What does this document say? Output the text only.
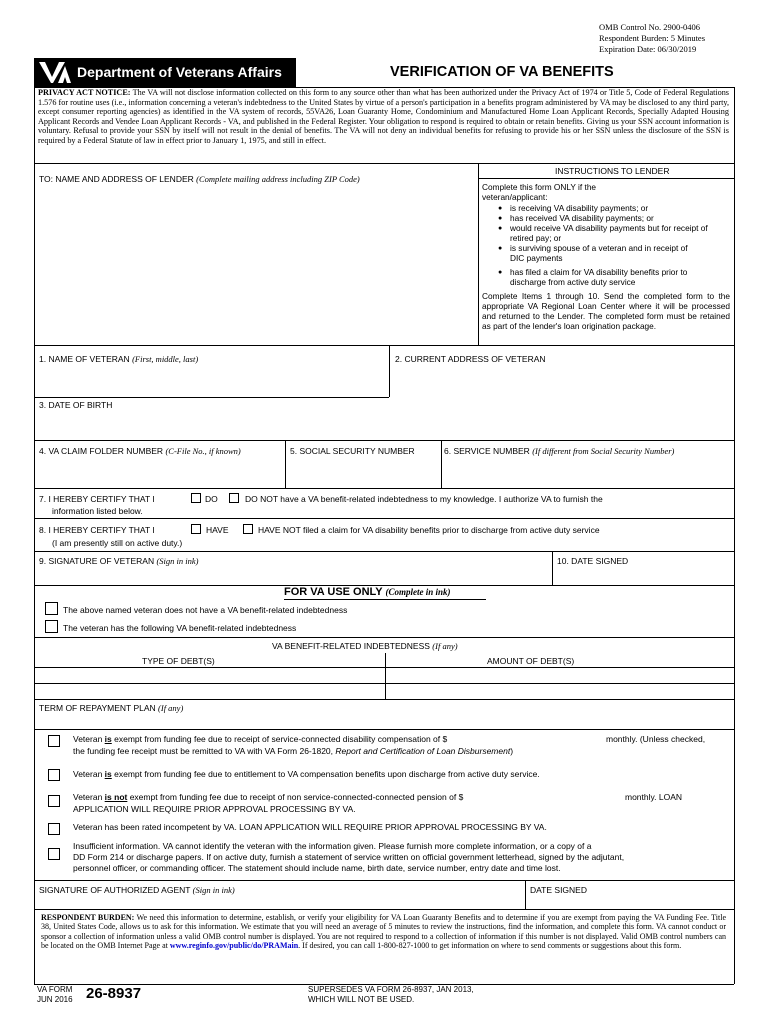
OMB Control No. 2900-0406
Respondent Burden: 5 Minutes
Expiration Date: 06/30/2019
Department of Veterans Affairs	VERIFICATION OF VA BENEFITS
PRIVACY ACT NOTICE: The VA will not disclose information collected on this form to any source other than what has been authorized under the Privacy Act of 1974 or Title 5, Code of Federal Regulations 1.576 for routine uses (i.e., information concerning a veteran's indebtedness to the United States by virtue of a person's participation in a benefits program administered by VA may be disclosed to any third party, except consumer reporting agencies) as identified in the VA system of records, 55VA26, Loan Guaranty Home, Condominium and Manufactured Home Loan Applicant Records, Specially Adapted Housing Applicant Records and Vendee Loan Applicant Records - VA, and published in the Federal Register. Your obligation to respond is required to obtain or retain benefits. Giving us your SSN account information is voluntary. Refusal to provide your SSN by itself will not result in the denial of benefits. The VA will not deny an individual benefits for refusing to provide his or her SSN unless the disclosure of the SSN is required by a Federal Statute of law in effect prior to January 1, 1975, and still in effect.
TO: NAME AND ADDRESS OF LENDER (Complete mailing address including ZIP Code)
INSTRUCTIONS TO LENDER
Complete this form ONLY if the veteran/applicant:
● is receiving VA disability payments; or
● has received VA disability payments; or
● would receive VA disability payments but for receipt of retired pay; or
● is surviving spouse of a veteran and in receipt of DIC payments
● has filed a claim for VA disability benefits prior to discharge from active duty service
Complete Items 1 through 10. Send the completed form to the appropriate VA Regional Loan Center where it will be processed and returned to the Lender. The completed form must be retained as part of the lender's loan origination package.
1. NAME OF VETERAN (First, middle, last)	2. CURRENT ADDRESS OF VETERAN
3. DATE OF BIRTH
4. VA CLAIM FOLDER NUMBER (C-File No., if known)	5. SOCIAL SECURITY NUMBER	6. SERVICE NUMBER (If different from Social Security Number)
7. I HEREBY CERTIFY THAT I	DO	DO NOT have a VA benefit-related indebtedness to my knowledge. I authorize VA to furnish the
information listed below.
8. I HEREBY CERTIFY THAT I	HAVE	HAVE NOT filed a claim for VA disability benefits prior to discharge from active duty service
(I am presently still on active duty.)
9. SIGNATURE OF VETERAN (Sign in ink)	10. DATE SIGNED
FOR VA USE ONLY (Complete in ink)
The above named veteran does not have a VA benefit-related indebtedness
The veteran has the following VA benefit-related indebtedness
VA BENEFIT-RELATED INDEBTEDNESS (If any)
TYPE OF DEBT(S)	AMOUNT OF DEBT(S)
TERM OF REPAYMENT PLAN (If any)
Veteran is exempt from funding fee due to receipt of service-connected disability compensation of $	monthly. (Unless checked,
the funding fee receipt must be remitted to VA with VA Form 26-1820, Report and Certification of Loan Disbursement)
Veteran is exempt from funding fee due to entitlement to VA compensation benefits upon discharge from active duty service.
Veteran is not exempt from funding fee due to receipt of non service-connected-connected pension of $	monthly. LOAN
APPLICATION WILL REQUIRE PRIOR APPROVAL PROCESSING BY VA.
Veteran has been rated incompetent by VA. LOAN APPLICATION WILL REQUIRE PRIOR APPROVAL PROCESSING BY VA.
Insufficient information. VA cannot identify the veteran with the information given. Please furnish more complete information, or a copy of a
DD Form 214 or discharge papers. If on active duty, furnish a statement of service written on official government letterhead, signed by the adjutant,
personnel officer, or commanding officer. The statement should include name, birth date, service number, entry date and time lost.
SIGNATURE OF AUTHORIZED AGENT (Sign in ink)	DATE SIGNED
RESPONDENT BURDEN: We need this information to determine, establish, or verify your eligibility for VA Loan Guaranty Benefits and to determine if you are exempt from paying the VA Funding Fee. Title 38, United States Code, allows us to ask for this information. We estimate that you will need an average of 5 minutes to review the instructions, find the information, and complete this form. VA cannot conduct or sponsor a collection of information unless a valid OMB control number is displayed. You are not required to respond to a collection of information if this number is not displayed. Valid OMB control numbers can be located on the OMB Internet Page at www.reginfo.gov/public/do/PRAMain. If desired, you can call 1-800-827-1000 to get information on where to send comments or suggestions about this form.
VA FORM
JUN 2016 26-8937	SUPERSEDES VA FORM 26-8937, JAN 2013,
WHICH WILL NOT BE USED.
